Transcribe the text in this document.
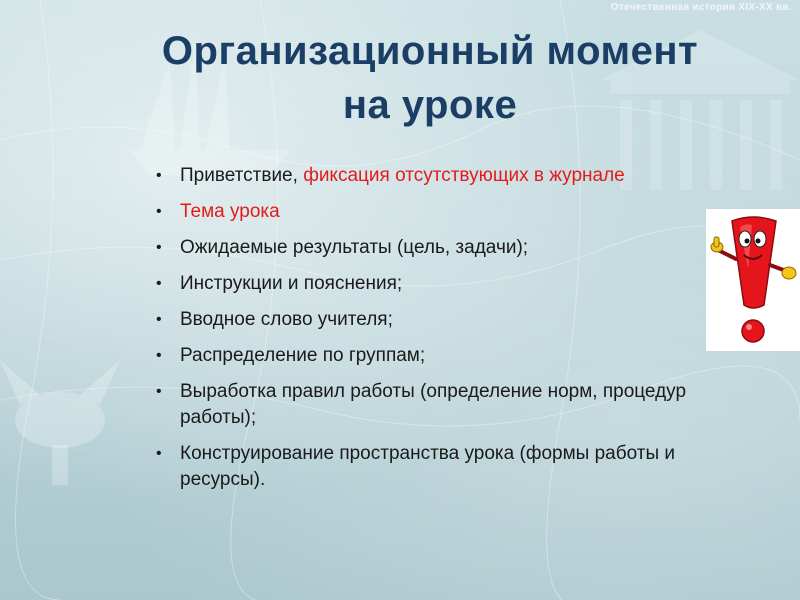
Отечественная история XIX-XX вв.
Организационный момент
на уроке
• Приветствие, фиксация отсутствующих в журнале
• Тема урока
• Ожидаемые результаты (цель, задачи);
• Инструкции и пояснения;
• Вводное слово учителя;
• Распределение по группам;
• Выработка правил работы (определение норм, процедур работы);
• Конструирование пространства урока (формы работы и ресурсы).
